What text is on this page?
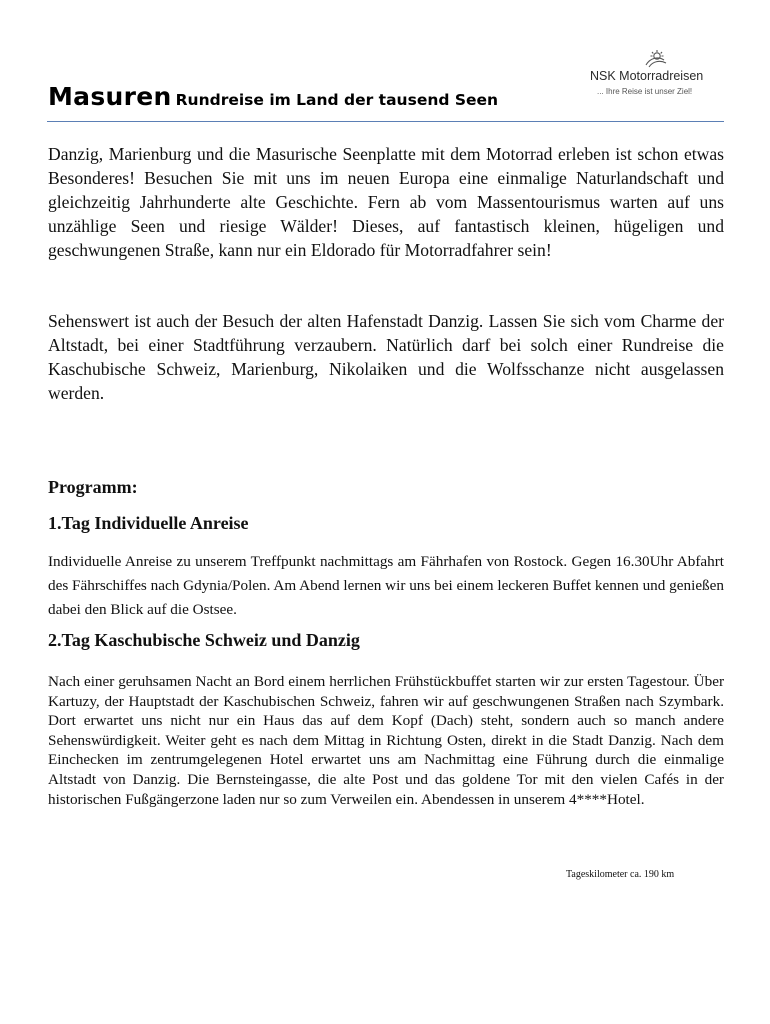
NSK Motorradreisen
... Ihre Reise ist unser Ziel!
Masuren Rundreise im Land der tausend Seen

Danzig, Marienburg und die Masurische Seenplatte mit dem Motorrad erleben ist schon etwas Besonderes! Besuchen Sie mit uns im neuen Europa eine einmalige Naturlandschaft und gleichzeitig Jahrhunderte alte Geschichte. Fern ab vom Massentourismus warten auf uns unzählige Seen und riesige Wälder! Dieses, auf fantastisch kleinen, hügeligen und geschwungenen Straße, kann nur ein Eldorado für Motorradfahrer sein!

Sehenswert ist auch der Besuch der alten Hafenstadt Danzig. Lassen Sie sich vom Charme der Altstadt, bei einer Stadtführung verzaubern. Natürlich darf bei solch einer Rundreise die Kaschubische Schweiz, Marienburg, Nikolaiken und die Wolfsschanze nicht ausgelassen werden.

Programm:
1.Tag Individuelle Anreise

Individuelle Anreise zu unserem Treffpunkt nachmittags am Fährhafen von Rostock. Gegen 16.30Uhr Abfahrt des Fährschiffes nach Gdynia/Polen. Am Abend lernen wir uns bei einem leckeren Buffet kennen und genießen dabei den Blick auf die Ostsee.

2.Tag Kaschubische Schweiz und Danzig

Nach einer geruhsamen Nacht an Bord einem herrlichen Frühstückbuffet starten wir zur ersten Tagestour. Über Kartuzy, der Hauptstadt der Kaschubischen Schweiz, fahren wir auf geschwungenen Straßen nach Szymbark. Dort erwartet uns nicht nur ein Haus das auf dem Kopf (Dach) steht, sondern auch so manch andere Sehenswürdigkeit. Weiter geht es nach dem Mittag in Richtung Osten, direkt in die Stadt Danzig. Nach dem Einchecken im zentrumgelegenen Hotel erwartet uns am Nachmittag eine Führung durch die einmalige Altstadt von Danzig. Die Bernsteingasse, die alte Post und das goldene Tor mit den vielen Cafés in der historischen Fußgängerzone laden nur so zum Verweilen ein. Abendessen in unserem 4****Hotel.

Tageskilometer ca. 190 km
